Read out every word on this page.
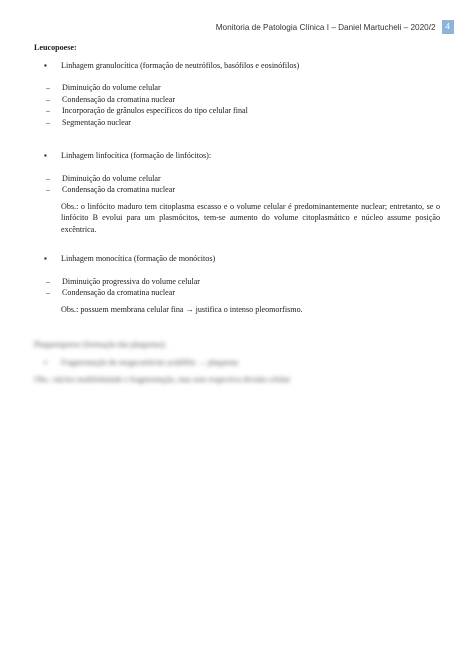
Monitoria de Patologia Clínica I – Daniel Martucheli – 2020/2	4

Leucopoese:

▪ Linhagem granulocítica (formação de neutrófilos, basófilos e eosinófilos)

– Diminuição do volume celular

– Condensação da cromatina nuclear

– Incorporação de grânulos específicos do tipo celular final

– Segmentação nuclear

▪ Linhagem linfocítica (formação de linfócitos):

– Diminuição do volume celular

– Condensação da cromatina nuclear

Obs.: o linfócito maduro tem citoplasma escasso e o volume celular é predominantemente nuclear; entretanto, se o linfócito B evolui para um plasmócitos, tem-se aumento do volume citoplasmático e núcleo assume posição excêntrica.

▪ Linhagem monocítica (formação de monócitos)

– Diminuição progressiva do volume celular

– Condensação da cromatina nuclear

Obs.: possuem membrana celular fina → justifica o intenso pleomorfismo.

Plaquetopoese (formação das plaquetas):

▪ Fragmentação do megacariócito acidófilo → plaquetas

Obs.: núcleo multilobulado e fragmentação, mas sem respectiva divisão celular
